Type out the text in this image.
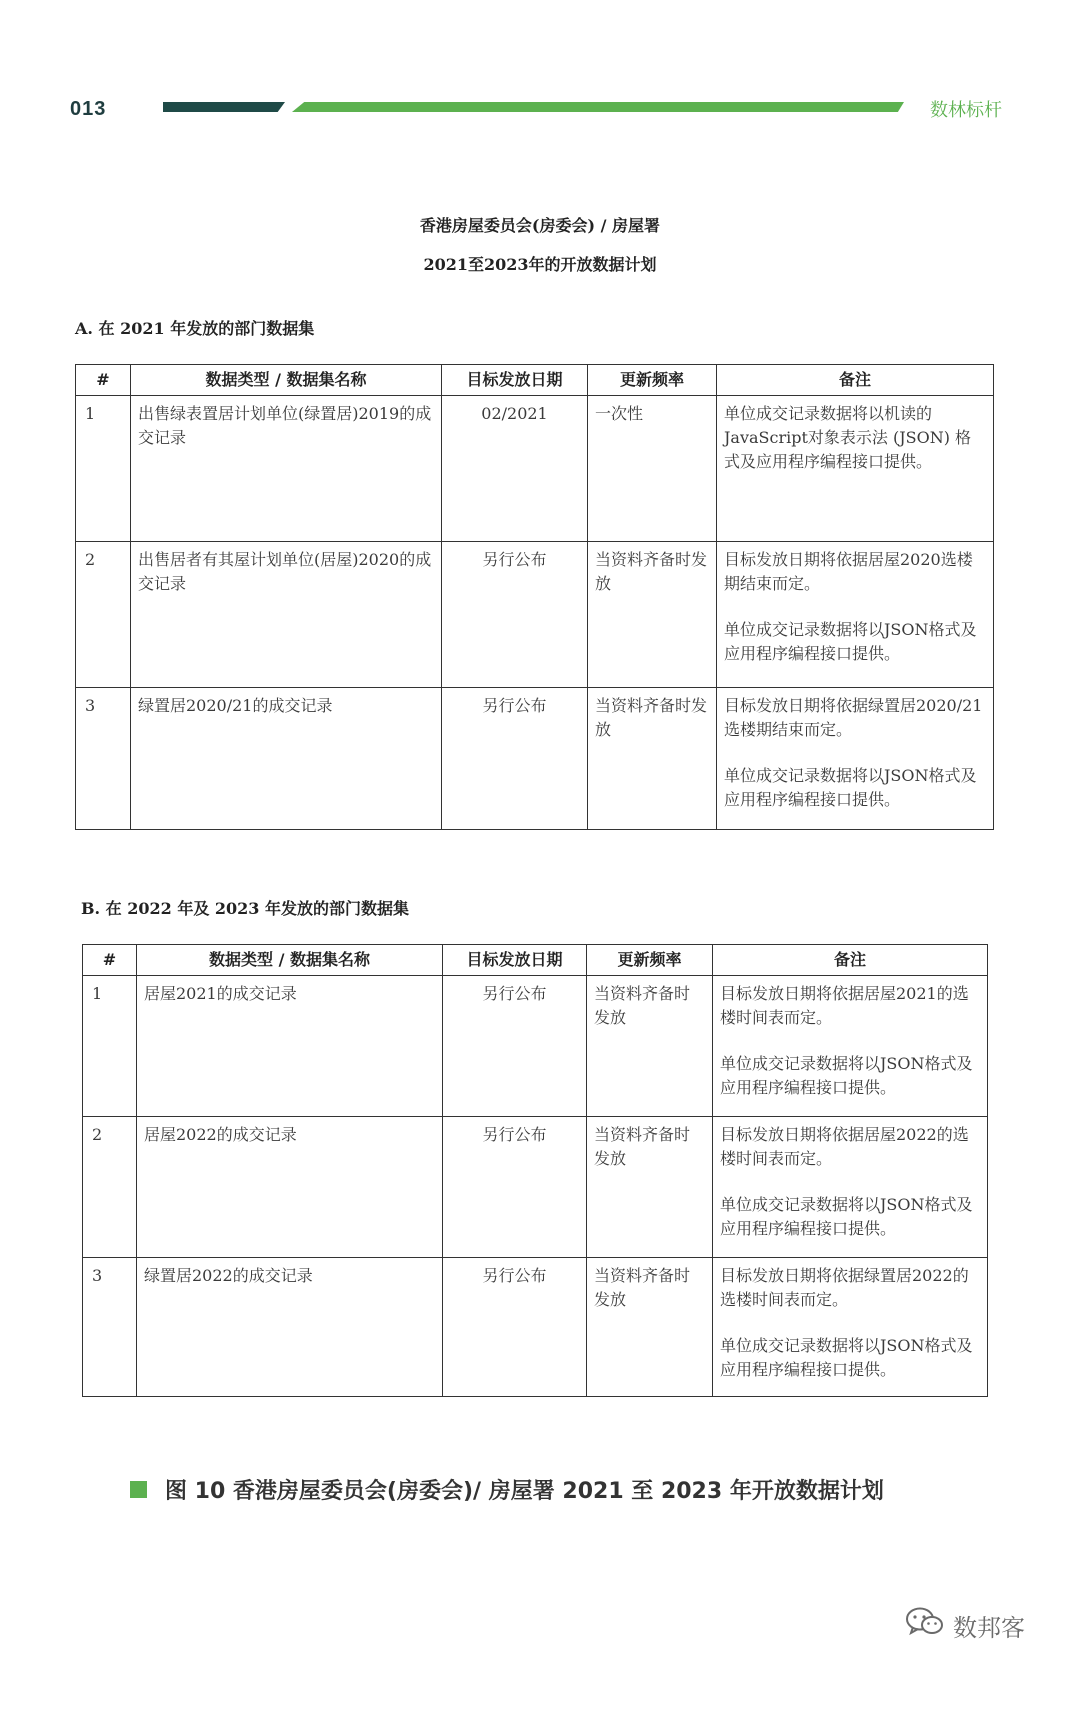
013	数林标杆
香港房屋委员会(房委会) / 房屋署
2021至2023年的开放数据计划
A. 在 2021 年发放的部门数据集
#	数据类型 / 数据集名称	目标发放日期	更新频率	备注
1	出售绿表置居计划单位(绿置居)2019的成交记录	02/2021	一次性	单位成交记录数据将以机读的JavaScript对象表示法 (JSON) 格式及应用程序编程接口提供。

2	出售居者有其屋计划单位(居屋)2020的成交记录	另行公布	当资料齐备时发放	目标发放日期将依据居屋2020选楼期结束而定。

单位成交记录数据将以JSON格式及应用程序编程接口提供。

3	绿置居2020/21的成交记录	另行公布	当资料齐备时发放	目标发放日期将依据绿置居2020/21选楼期结束而定。

单位成交记录数据将以JSON格式及应用程序编程接口提供。

B. 在 2022 年及 2023 年发放的部门数据集
#	数据类型 / 数据集名称	目标发放日期	更新频率	备注
1	居屋2021的成交记录	另行公布	当资料齐备时发放	目标发放日期将依据居屋2021的选楼时间表而定。

单位成交记录数据将以JSON格式及应用程序编程接口提供。

2	居屋2022的成交记录	另行公布	当资料齐备时发放	目标发放日期将依据居屋2022的选楼时间表而定。

单位成交记录数据将以JSON格式及应用程序编程接口提供。

3	绿置居2022的成交记录	另行公布	当资料齐备时发放	目标发放日期将依据绿置居2022的选楼时间表而定。

单位成交记录数据将以JSON格式及应用程序编程接口提供。

图 10 香港房屋委员会(房委会)/ 房屋署 2021 至 2023 年开放数据计划
数邦客
